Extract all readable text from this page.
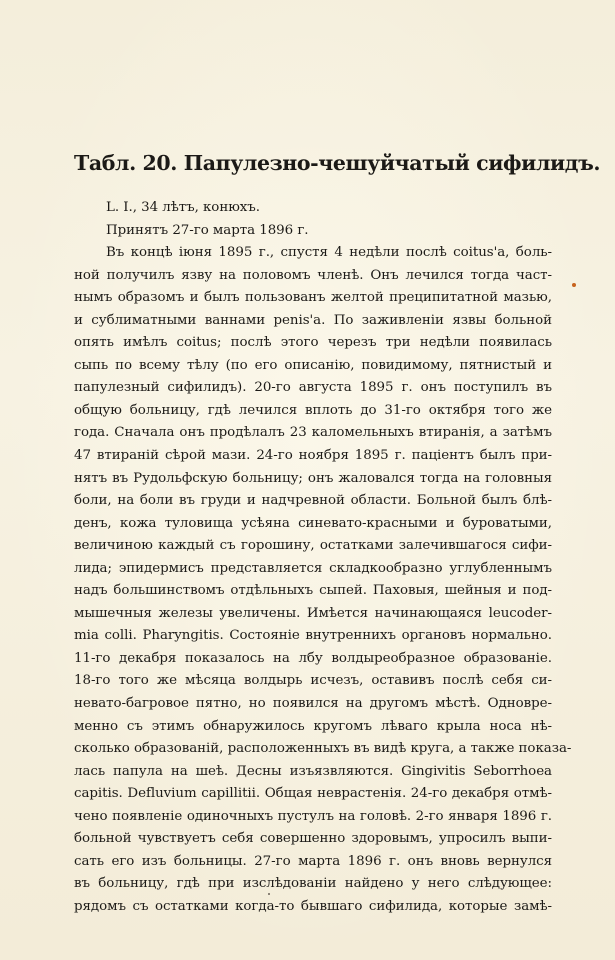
Табл. 20. Папулезно-чешуйчатый сифилидъ.
L. I., 34 лѣтъ, конюхъ.
Принятъ 27-го марта 1896 г.
Въ концѣ iюня 1895 г., спустя 4 недѣли послѣ coitus'a, боль-
ной получилъ язву на половомъ членѣ. Онъ лечился тогда част-
нымъ образомъ и былъ пользованъ желтой преципитатной мазью,
и сублиматными ваннами penis'a. По заживленiи язвы больной
опять имѣлъ coitus; послѣ этого черезъ три недѣли появилась
сыпь по всему тѣлу (по его описанiю, повидимому, пятнистый и
папулезный сифилидъ). 20-го августа 1895 г. онъ поступилъ въ
общую больницу, гдѣ лечился вплоть до 31-го октября того же
года. Сначала онъ продѣлалъ 23 каломельныхъ втиранiя, а затѣмъ
47 втиранiй сѣрой мази. 24-го ноября 1895 г. пацiентъ былъ при-
нятъ въ Рудольфскую больницу; онъ жаловался тогда на головныя
боли, на боли въ груди и надчревной области. Больной былъ блѣ-
денъ, кожа туловища усѣяна синевато-красными и буроватыми,
величиною каждый съ горошину, остатками залечившагося сифи-
лида; эпидермисъ представляется складкообразно углубленнымъ
надъ большинствомъ отдѣльныхъ сыпей. Паховыя, шейныя и под-
мышечныя железы увеличены. Имѣется начинающаяся leucoder-
mia colli. Pharyngitis. Состоянiе внутреннихъ органовъ нормально.
11-го декабря показалось на лбу волдыреобразное образованiе.
18-го того же мѣсяца волдырь исчезъ, оставивъ послѣ себя си-
невато-багровое пятно, но появился на другомъ мѣстѣ. Одновре-
менно съ этимъ обнаружилось кругомъ лѣваго крыла носа нѣ-
сколько образованiй, расположенныхъ въ видѣ круга, а также показа-
лась папула на шеѣ. Десны изъязвляются. Gingivitis Seborrhoea
capitis. Defluvium capillitii. Общая неврастенiя. 24-го декабря отмѣ-
чено появленiе одиночныхъ пустулъ на головѣ. 2-го января 1896 г.
больной чувствуетъ себя совершенно здоровымъ, упросилъ выпи-
сать его изъ больницы. 27-го марта 1896 г. онъ вновь вернулся
въ больницу, гдѣ при изслѣдованiи найдено у него слѣдующее:
рядомъ съ остатками когда-то бывшаго сифилида, которые замѣ-
